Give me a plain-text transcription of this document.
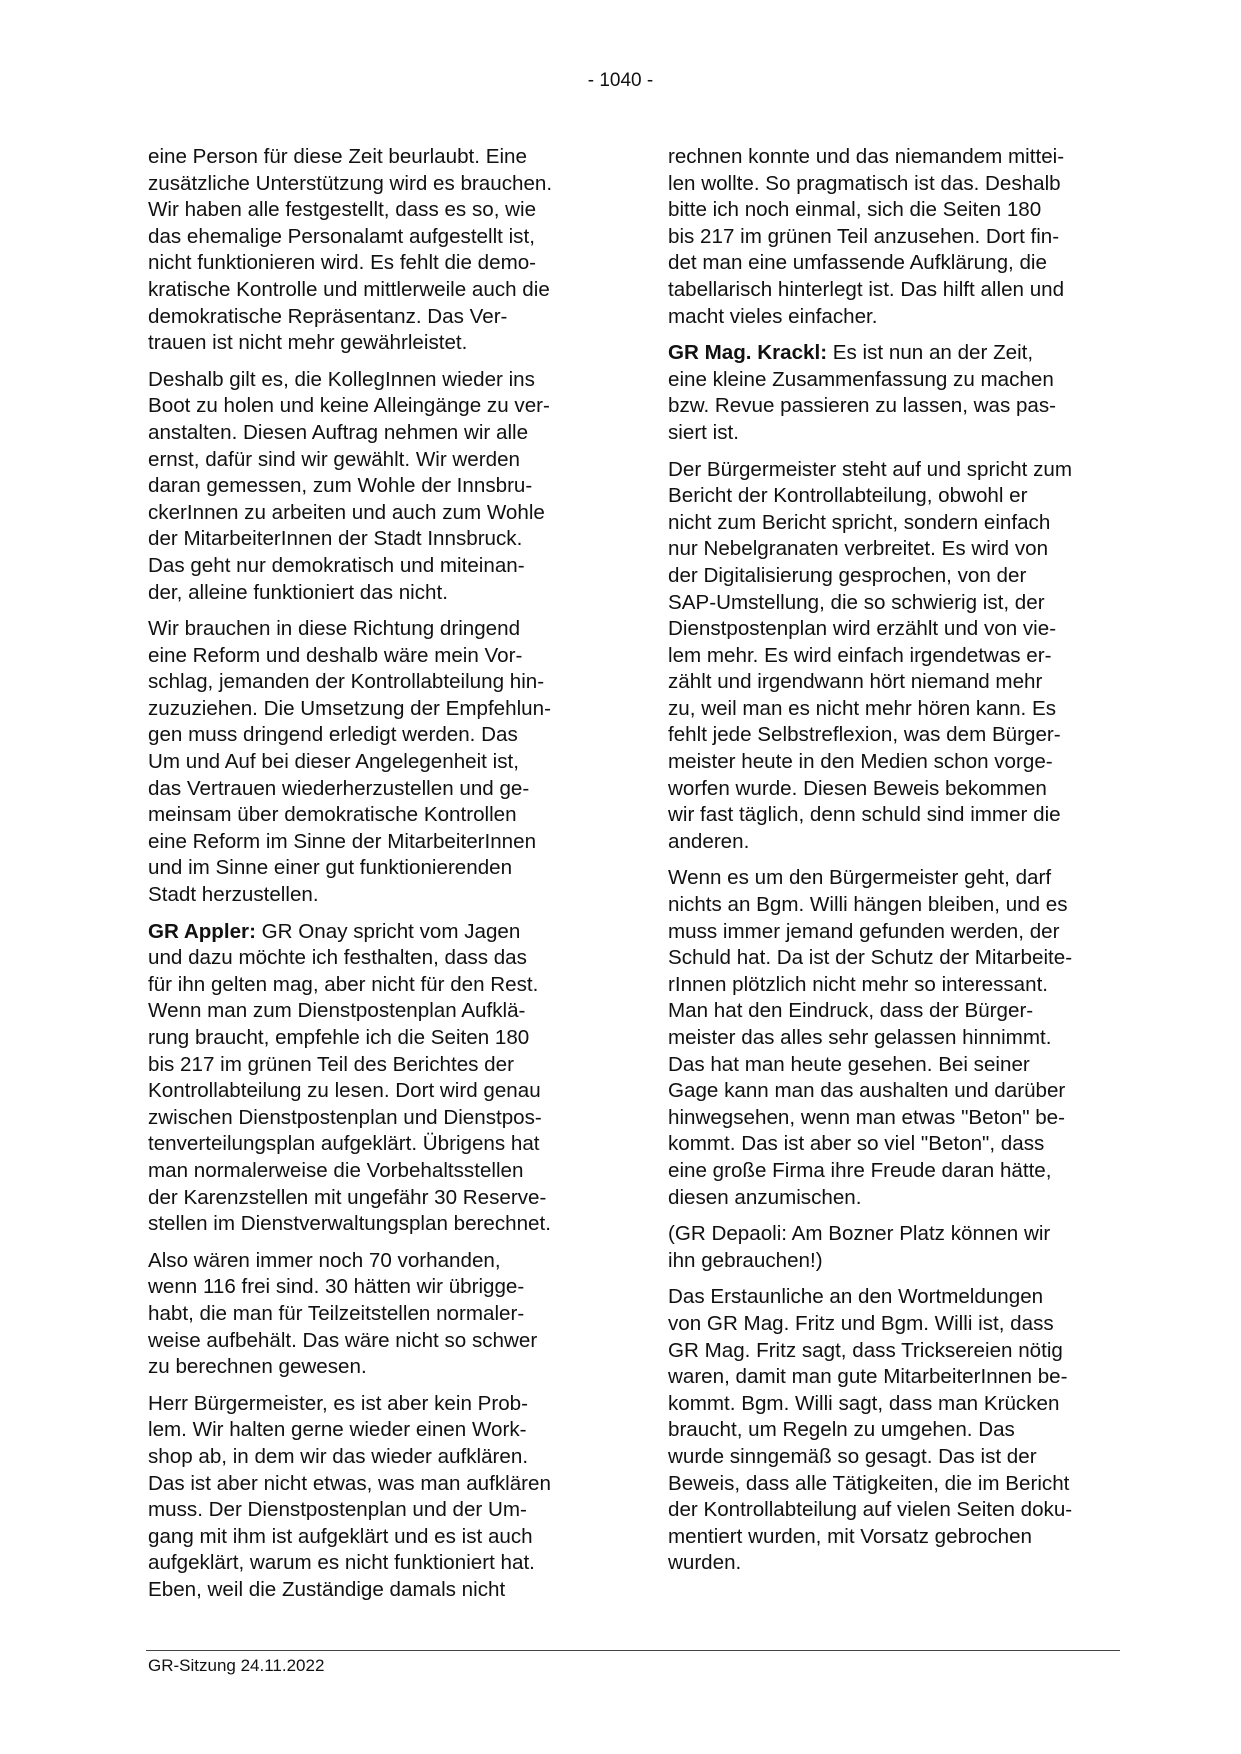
- 1040 -

eine Person für diese Zeit beurlaubt. Eine
zusätzliche Unterstützung wird es brauchen.
Wir haben alle festgestellt, dass es so, wie
das ehemalige Personalamt aufgestellt ist,
nicht funktionieren wird. Es fehlt die demo-
kratische Kontrolle und mittlerweile auch die
demokratische Repräsentanz. Das Ver-
trauen ist nicht mehr gewährleistet.

Deshalb gilt es, die KollegInnen wieder ins
Boot zu holen und keine Alleingänge zu ver-
anstalten. Diesen Auftrag nehmen wir alle
ernst, dafür sind wir gewählt. Wir werden
daran gemessen, zum Wohle der Innsbru-
ckerInnen zu arbeiten und auch zum Wohle
der MitarbeiterInnen der Stadt Innsbruck.
Das geht nur demokratisch und miteinan-
der, alleine funktioniert das nicht.

Wir brauchen in diese Richtung dringend
eine Reform und deshalb wäre mein Vor-
schlag, jemanden der Kontrollabteilung hin-
zuzuziehen. Die Umsetzung der Empfehlun-
gen muss dringend erledigt werden. Das
Um und Auf bei dieser Angelegenheit ist,
das Vertrauen wiederherzustellen und ge-
meinsam über demokratische Kontrollen
eine Reform im Sinne der MitarbeiterInnen
und im Sinne einer gut funktionierenden
Stadt herzustellen.

GR Appler: GR Onay spricht vom Jagen
und dazu möchte ich festhalten, dass das
für ihn gelten mag, aber nicht für den Rest.
Wenn man zum Dienstpostenplan Aufklä-
rung braucht, empfehle ich die Seiten 180
bis 217 im grünen Teil des Berichtes der
Kontrollabteilung zu lesen. Dort wird genau
zwischen Dienstpostenplan und Dienstpos-
tenverteilungsplan aufgeklärt. Übrigens hat
man normalerweise die Vorbehaltsstellen
der Karenzstellen mit ungefähr 30 Reserve-
stellen im Dienstverwaltungsplan berechnet.

Also wären immer noch 70 vorhanden,
wenn 116 frei sind. 30 hätten wir übrigge-
habt, die man für Teilzeitstellen normaler-
weise aufbehält. Das wäre nicht so schwer
zu berechnen gewesen.

Herr Bürgermeister, es ist aber kein Prob-
lem. Wir halten gerne wieder einen Work-
shop ab, in dem wir das wieder aufklären.
Das ist aber nicht etwas, was man aufklären
muss. Der Dienstpostenplan und der Um-
gang mit ihm ist aufgeklärt und es ist auch
aufgeklärt, warum es nicht funktioniert hat.
Eben, weil die Zuständige damals nicht

rechnen konnte und das niemandem mittei-
len wollte. So pragmatisch ist das. Deshalb
bitte ich noch einmal, sich die Seiten 180
bis 217 im grünen Teil anzusehen. Dort fin-
det man eine umfassende Aufklärung, die
tabellarisch hinterlegt ist. Das hilft allen und
macht vieles einfacher.

GR Mag. Krackl: Es ist nun an der Zeit,
eine kleine Zusammenfassung zu machen
bzw. Revue passieren zu lassen, was pas-
siert ist.

Der Bürgermeister steht auf und spricht zum
Bericht der Kontrollabteilung, obwohl er
nicht zum Bericht spricht, sondern einfach
nur Nebelgranaten verbreitet. Es wird von
der Digitalisierung gesprochen, von der
SAP-Umstellung, die so schwierig ist, der
Dienstpostenplan wird erzählt und von vie-
lem mehr. Es wird einfach irgendetwas er-
zählt und irgendwann hört niemand mehr
zu, weil man es nicht mehr hören kann. Es
fehlt jede Selbstreflexion, was dem Bürger-
meister heute in den Medien schon vorge-
worfen wurde. Diesen Beweis bekommen
wir fast täglich, denn schuld sind immer die
anderen.

Wenn es um den Bürgermeister geht, darf
nichts an Bgm. Willi hängen bleiben, und es
muss immer jemand gefunden werden, der
Schuld hat. Da ist der Schutz der Mitarbeite-
rInnen plötzlich nicht mehr so interessant.
Man hat den Eindruck, dass der Bürger-
meister das alles sehr gelassen hinnimmt.
Das hat man heute gesehen. Bei seiner
Gage kann man das aushalten und darüber
hinwegsehen, wenn man etwas "Beton" be-
kommt. Das ist aber so viel "Beton", dass
eine große Firma ihre Freude daran hätte,
diesen anzumischen.

(GR Depaoli: Am Bozner Platz können wir
ihn gebrauchen!)

Das Erstaunliche an den Wortmeldungen
von GR Mag. Fritz und Bgm. Willi ist, dass
GR Mag. Fritz sagt, dass Tricksereien nötig
waren, damit man gute MitarbeiterInnen be-
kommt. Bgm. Willi sagt, dass man Krücken
braucht, um Regeln zu umgehen. Das
wurde sinngemäß so gesagt. Das ist der
Beweis, dass alle Tätigkeiten, die im Bericht
der Kontrollabteilung auf vielen Seiten doku-
mentiert wurden, mit Vorsatz gebrochen
wurden.

GR-Sitzung 24.11.2022
